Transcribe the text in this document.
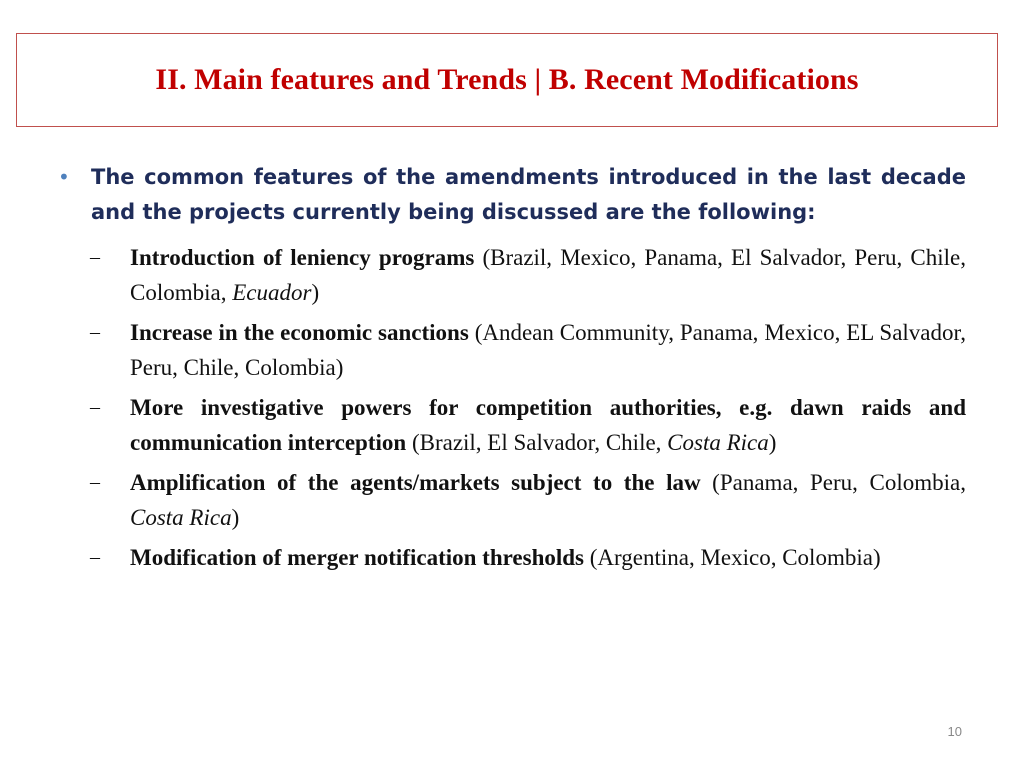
II. Main features and Trends | B. Recent Modifications
• The common features of the amendments introduced in the last decade and the projects currently being discussed are the following:
– Introduction of leniency programs (Brazil, Mexico, Panama, El Salvador, Peru, Chile, Colombia, Ecuador)
– Increase in the economic sanctions (Andean Community, Panama, Mexico, EL Salvador, Peru, Chile, Colombia)
– More investigative powers for competition authorities, e.g. dawn raids and communication interception (Brazil, El Salvador, Chile, Costa Rica)
– Amplification of the agents/markets subject to the law (Panama, Peru, Colombia, Costa Rica)
– Modification of merger notification thresholds (Argentina, Mexico, Colombia)
10
